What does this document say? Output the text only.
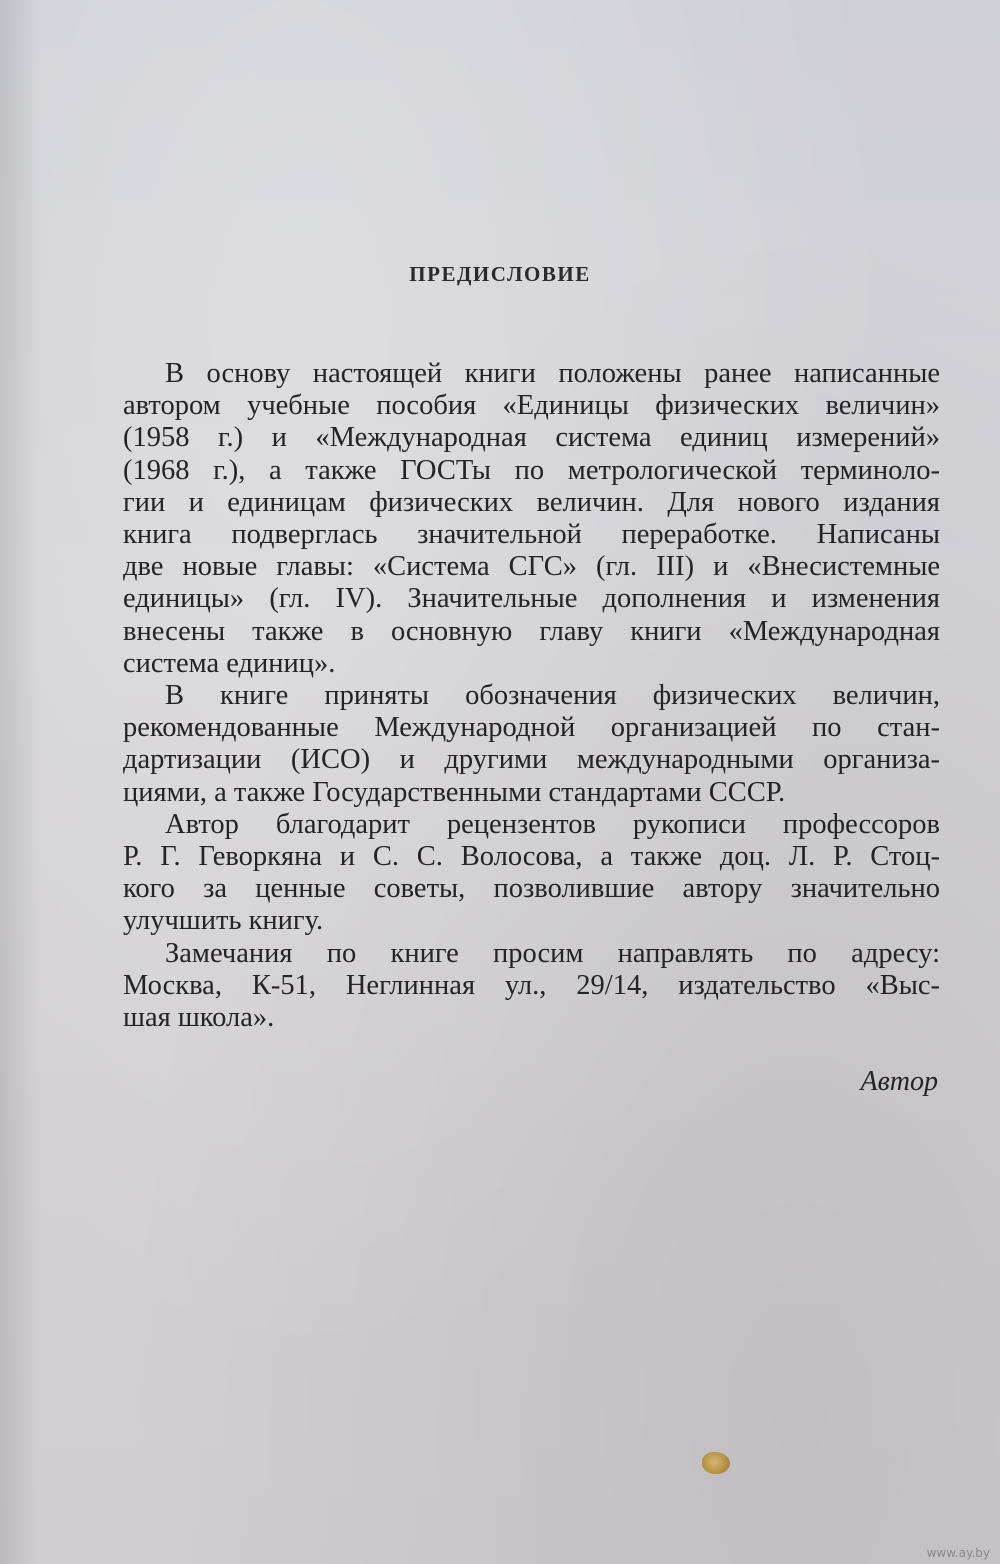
ПРЕДИСЛОВИЕ
В основу настоящей книги положены ранее написанные
автором учебные пособия «Единицы физических величин»
(1958 г.) и «Международная система единиц измерений»
(1968 г.), а также ГОСТы по метрологической терминоло-
гии и единицам физических величин. Для нового издания
книга подверглась значительной переработке. Написаны
две новые главы: «Система СГС» (гл. III) и «Внесистемные
единицы» (гл. IV). Значительные дополнения и изменения
внесены также в основную главу книги «Международная
система единиц».
В книге приняты обозначения физических величин,
рекомендованные Международной организацией по стан-
дартизации (ИСО) и другими международными организа-
циями, а также Государственными стандартами СССР.
Автор благодарит рецензентов рукописи профессоров
Р. Г. Геворкяна и С. С. Волосова, а также доц. Л. Р. Стоц-
кого за ценные советы, позволившие автору значительно
улучшить книгу.
Замечания по книге просим направлять по адресу:
Москва, К-51, Неглинная ул., 29/14, издательство «Выс-
шая школа».
Автор
www.ay.by
